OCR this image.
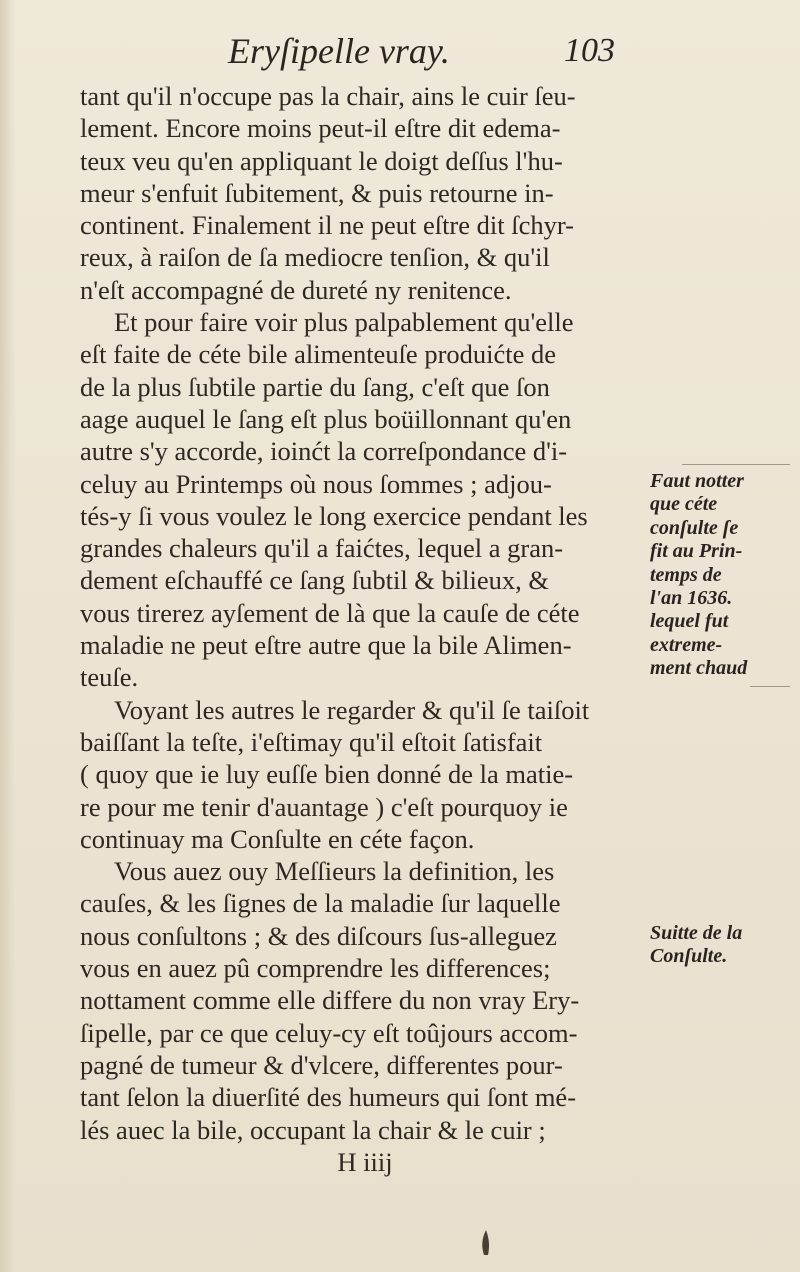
Eryſipelle vray.	103
tant qu'il n'occupe pas la chair, ains le cuir ſeu-
lement. Encore moins peut-il eſtre dit edema-
teux veu qu'en appliquant le doigt deſſus l'hu-
meur s'enfuit ſubitement, & puis retourne in-
continent. Finalement il ne peut eſtre dit ſchyr-
reux, à raiſon de ſa mediocre tenſion, & qu'il
n'eſt accompagné de dureté ny renitence.
Et pour faire voir plus palpablement qu'elle
eſt faite de céte bile alimenteuſe produićte de
de la plus ſubtile partie du ſang, c'eſt que ſon
aage auquel le ſang eſt plus boüillonnant qu'en
autre s'y accorde, ioinćt la correſpondance d'i-
celuy au Printemps où nous ſommes ; adjou-
tés-y ſi vous voulez le long exercice pendant les
grandes chaleurs qu'il a faićtes, lequel a gran-
dement eſchauffé ce ſang ſubtil & bilieux, &
vous tirerez ayſement de là que la cauſe de céte
maladie ne peut eſtre autre que la bile Alimen-
teuſe.
Voyant les autres le regarder & qu'il ſe taiſoit
baiſſant la teſte, i'eſtimay qu'il eſtoit ſatisfait
( quoy que ie luy euſſe bien donné de la matie-
re pour me tenir d'auantage ) c'eſt pourquoy ie
continuay ma Conſulte en céte façon.
Vous auez ouy Meſſieurs la definition, les
cauſes, & les ſignes de la maladie ſur laquelle
nous conſultons ; & des diſcours ſus-alleguez
vous en auez pû comprendre les differences;
nottament comme elle differe du non vray Ery-
ſipelle, par ce que celuy-cy eſt toûjours accom-
pagné de tumeur & d'vlcere, differentes pour-
tant ſelon la diuerſité des humeurs qui ſont mé-
lés auec la bile, occupant la chair & le cuir ;
H iiij
Faut notter
que céte
conſulte ſe
fit au Prin-
temps de
l'an 1636.
lequel fut
extreme-
ment chaud
Suitte de la
Conſulte.
